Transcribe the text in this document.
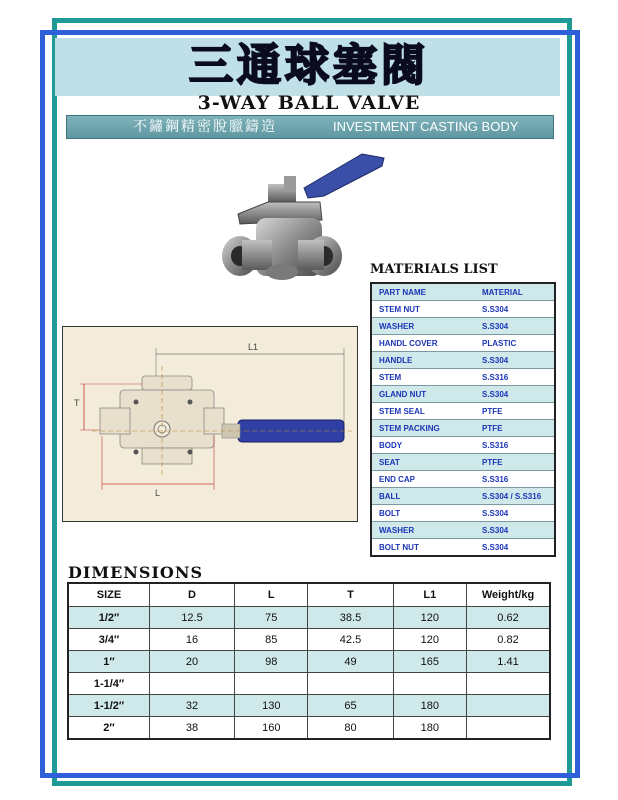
三通球塞閥
3-WAY BALL VALVE
不鏽鋼精密脫臘鑄造	INVESTMENT CASTING BODY
MATERIALS LIST
PART NAME	MATERIAL
STEM NUT	S.S304
WASHER	S.S304
HANDL COVER	PLASTIC
HANDLE	S.S304
STEM	S.S316
GLAND NUT	S.S304
STEM SEAL	PTFE
STEM PACKING	PTFE
BODY	S.S316
SEAT	PTFE
END CAP	S.S316
BALL	S.S304 / S.S316
BOLT	S.S304
WASHER	S.S304
BOLT NUT	S.S304
L1
T
L
DIMENSIONS
SIZE	D	L	T	L1	Weight/kg
1/2″	12.5	75	38.5	120	0.62
3/4″	16	85	42.5	120	0.82
1″	20	98	49	165	1.41
1-1/4″					
1-1/2″	32	130	65	180	
2″	38	160	80	180	
